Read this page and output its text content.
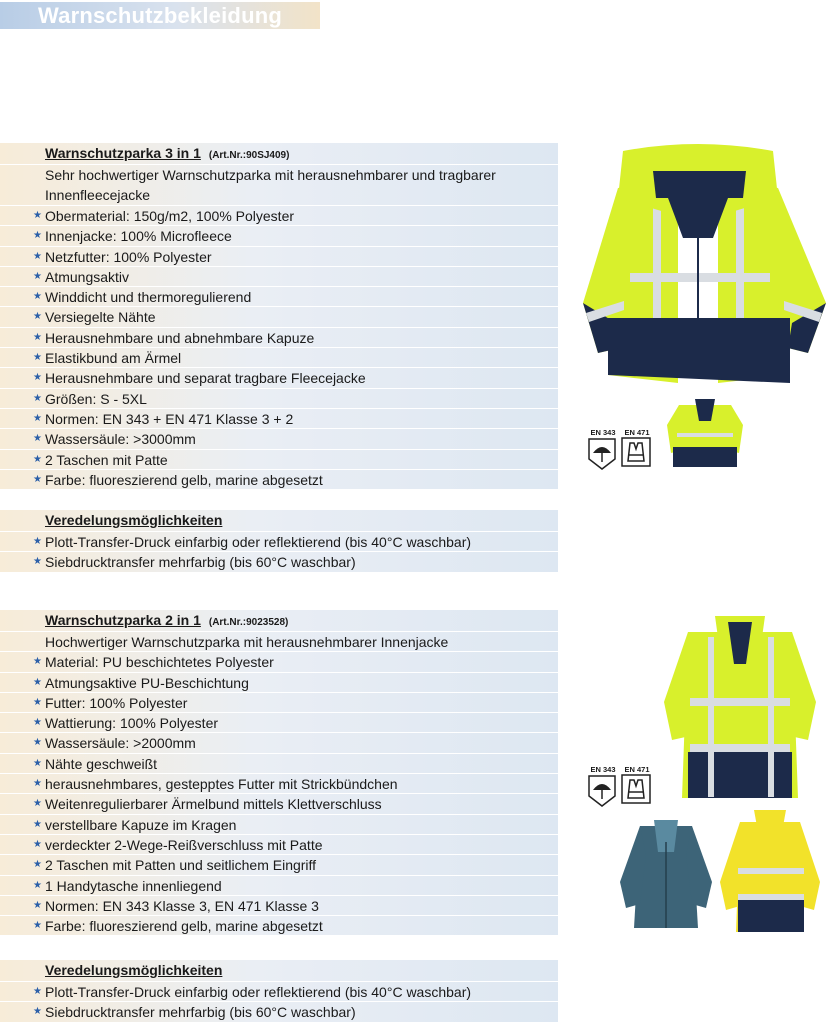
Warnschutzbekleidung
Warnschutzparka 3 in 1 (Art.Nr.:90SJ409)
Sehr hochwertiger Warnschutzparka mit herausnehmbarer und tragbarer Innenfleecejacke
★ Obermaterial: 150g/m2, 100% Polyester
★ Innenjacke: 100% Microfleece
★ Netzfutter: 100% Polyester
★ Atmungsaktiv
★ Winddicht und thermoregulierend
★ Versiegelte Nähte
★ Herausnehmbare und abnehmbare Kapuze
★ Elastikbund am Ärmel
★ Herausnehmbare und separat tragbare Fleecejacke
★ Größen: S - 5XL
★ Normen: EN 343 + EN 471 Klasse 3 + 2
★ Wassersäule: >3000mm
★ 2 Taschen mit Patte
★ Farbe: fluoreszierend gelb, marine abgesetzt
Veredelungsmöglichkeiten
★ Plott-Transfer-Druck einfarbig oder reflektierend (bis 40°C waschbar)
★ Siebdrucktransfer mehrfarbig (bis 60°C waschbar)
Warnschutzparka 2 in 1 (Art.Nr.:9023528)
Hochwertiger Warnschutzparka mit herausnehmbarer Innenjacke
★ Material: PU beschichtetes Polyester
★ Atmungsaktive PU-Beschichtung
★ Futter: 100% Polyester
★ Wattierung: 100% Polyester
★ Wassersäule: >2000mm
★ Nähte geschweißt
★ herausnehmbares, gestepptes Futter mit Strickbündchen
★ Weitenregulierbarer Ärmelbund mittels Klettverschluss
★ verstellbare Kapuze im Kragen
★ verdeckter 2-Wege-Reißverschluss mit Patte
★ 2 Taschen mit Patten und seitlichem Eingriff
★ 1 Handytasche innenliegend
★ Normen: EN 343 Klasse 3, EN 471 Klasse 3
★ Farbe: fluoreszierend gelb, marine abgesetzt
Veredelungsmöglichkeiten
★ Plott-Transfer-Druck einfarbig oder reflektierend (bis 40°C waschbar)
★ Siebdrucktransfer mehrfarbig (bis 60°C waschbar)
EN 343	EN 471
EN 343	EN 471
